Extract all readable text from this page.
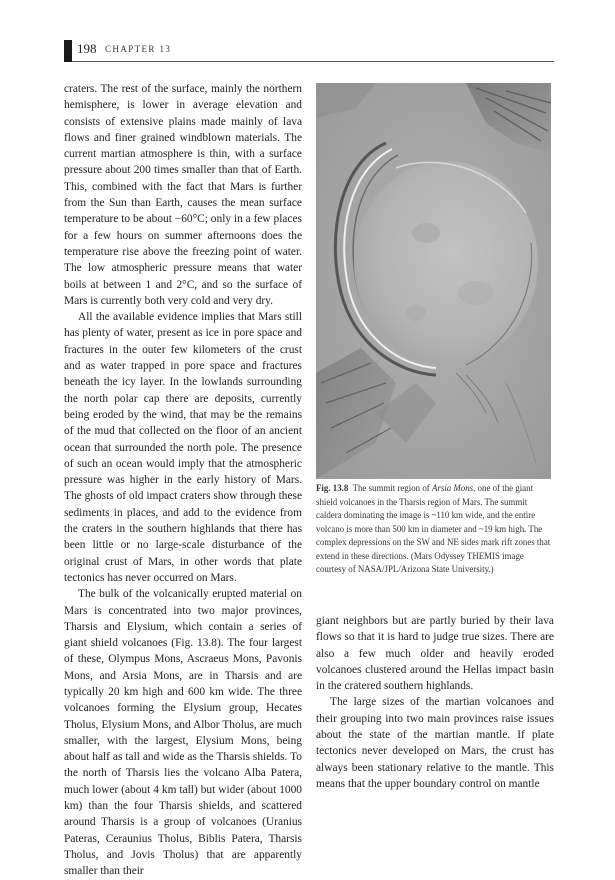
198 CHAPTER 13

craters. The rest of the surface, mainly the northern hemisphere, is lower in average elevation and consists of extensive plains made mainly of lava flows and finer grained windblown materials. The current martian atmosphere is thin, with a surface pressure about 200 times smaller than that of Earth. This, combined with the fact that Mars is further from the Sun than Earth, causes the mean surface temperature to be about −60°C; only in a few places for a few hours on summer afternoons does the temperature rise above the freezing point of water. The low atmospheric pressure means that water boils at between 1 and 2°C, and so the surface of Mars is currently both very cold and very dry.

All the available evidence implies that Mars still has plenty of water, present as ice in pore space and fractures in the outer few kilometers of the crust and as water trapped in pore space and fractures beneath the icy layer. In the lowlands surrounding the north polar cap there are deposits, currently being eroded by the wind, that may be the remains of the mud that collected on the floor of an ancient ocean that surrounded the north pole. The presence of such an ocean would imply that the atmospheric pressure was higher in the early history of Mars. The ghosts of old impact craters show through these sediments in places, and add to the evidence from the craters in the southern highlands that there has been little or no large-scale disturbance of the original crust of Mars, in other words that plate tectonics has never occurred on Mars.

The bulk of the volcanically erupted material on Mars is concentrated into two major provinces, Tharsis and Elysium, which contain a series of giant shield volcanoes (Fig. 13.8). The four largest of these, Olympus Mons, Ascraeus Mons, Pavonis Mons, and Arsia Mons, are in Tharsis and are typically 20 km high and 600 km wide. The three volcanoes forming the Elysium group, Hecates Tholus, Elysium Mons, and Albor Tholus, are much smaller, with the largest, Elysium Mons, being about half as tall and wide as the Tharsis shields. To the north of Tharsis lies the volcano Alba Patera, much lower (about 4 km tall) but wider (about 1000 km) than the four Tharsis shields, and scattered around Tharsis is a group of volcanoes (Uranius Pateras, Ceraunius Tholus, Biblis Patera, Tharsis Tholus, and Jovis Tholus) that are apparently smaller than their

Fig. 13.8 The summit region of Arsia Mons, one of the giant shield volcanoes in the Tharsis region of Mars. The summit caldera dominating the image is ~110 km wide, and the entire volcano is more than 500 km in diameter and ~19 km high. The complex depressions on the SW and NE sides mark rift zones that extend in these directions. (Mars Odyssey THEMIS image courtesy of NASA/JPL/Arizona State University.)

giant neighbors but are partly buried by their lava flows so that it is hard to judge true sizes. There are also a few much older and heavily eroded volcanoes clustered around the Hellas impact basin in the cratered southern highlands.

The large sizes of the martian volcanoes and their grouping into two main provinces raise issues about the state of the martian mantle. If plate tectonics never developed on Mars, the crust has always been stationary relative to the mantle. This means that the upper boundary control on mantle
